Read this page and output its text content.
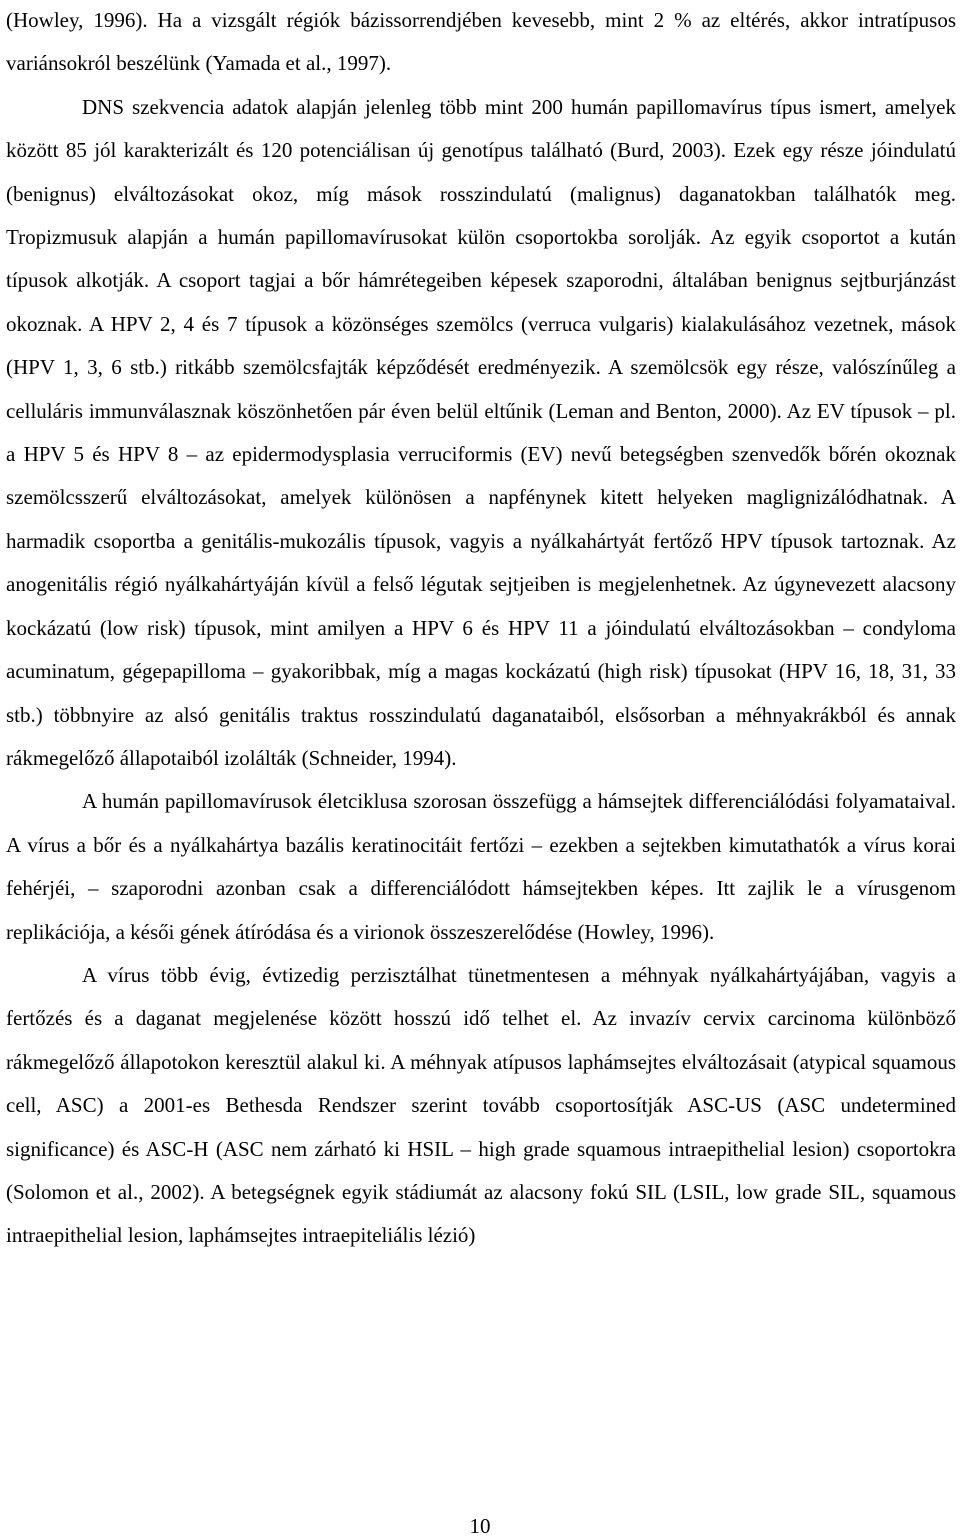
(Howley, 1996). Ha a vizsgált régiók bázissorrendjében kevesebb, mint 2 % az eltérés, akkor intratípusos variánsokról beszélünk (Yamada et al., 1997).

DNS szekvencia adatok alapján jelenleg több mint 200 humán papillomavírus típus ismert, amelyek között 85 jól karakterizált és 120 potenciálisan új genotípus található (Burd, 2003). Ezek egy része jóindulatú (benignus) elváltozásokat okoz, míg mások rosszindulatú (malignus) daganatokban találhatók meg. Tropizmusuk alapján a humán papillomavírusokat külön csoportokba sorolják. Az egyik csoportot a kután típusok alkotják. A csoport tagjai a bőr hámrétegeiben képesek szaporodni, általában benignus sejtburjánzást okoznak. A HPV 2, 4 és 7 típusok a közönséges szemölcs (verruca vulgaris) kialakulásához vezetnek, mások (HPV 1, 3, 6 stb.) ritkább szemölcsfajták képződését eredményezik. A szemölcsök egy része, valószínűleg a celluláris immunválasznak köszönhetően pár éven belül eltűnik (Leman and Benton, 2000). Az EV típusok – pl. a HPV 5 és HPV 8 – az epidermodysplasia verruciformis (EV) nevű betegségben szenvedők bőrén okoznak szemölcsszerű elváltozásokat, amelyek különösen a napfénynek kitett helyeken maglignizálódhatnak. A harmadik csoportba a genitális-mukozális típusok, vagyis a nyálkahártyát fertőző HPV típusok tartoznak. Az anogenitális régió nyálkahártyáján kívül a felső légutak sejtjeiben is megjelenhetnek. Az úgynevezett alacsony kockázatú (low risk) típusok, mint amilyen a HPV 6 és HPV 11 a jóindulatú elváltozásokban – condyloma acuminatum, gégepapilloma – gyakoribbak, míg a magas kockázatú (high risk) típusokat (HPV 16, 18, 31, 33 stb.) többnyire az alsó genitális traktus rosszindulatú daganataiból, elsősorban a méhnyakrákból és annak rákmegelőző állapotaiból izolálták (Schneider, 1994).

A humán papillomavírusok életciklusa szorosan összefügg a hámsejtek differenciálódási folyamataival. A vírus a bőr és a nyálkahártya bazális keratinocitáit fertőzi – ezekben a sejtekben kimutathatók a vírus korai fehérjéi, – szaporodni azonban csak a differenciálódott hámsejtekben képes. Itt zajlik le a vírusgenom replikációja, a késői gének átíródása és a virionok összeszerelődése (Howley, 1996).

A vírus több évig, évtizedig perzisztálhat tünetmentesen a méhnyak nyálkahártyájában, vagyis a fertőzés és a daganat megjelenése között hosszú idő telhet el. Az invazív cervix carcinoma különböző rákmegelőző állapotokon keresztül alakul ki. A méhnyak atípusos laphámsejtes elváltozásait (atypical squamous cell, ASC) a 2001-es Bethesda Rendszer szerint tovább csoportosítják ASC-US (ASC undetermined significance) és ASC-H (ASC nem zárható ki HSIL – high grade squamous intraepithelial lesion) csoportokra (Solomon et al., 2002). A betegségnek egyik stádiumát az alacsony fokú SIL (LSIL, low grade SIL, squamous intraepithelial lesion, laphámsejtes intraepiteliális lézió)

10
